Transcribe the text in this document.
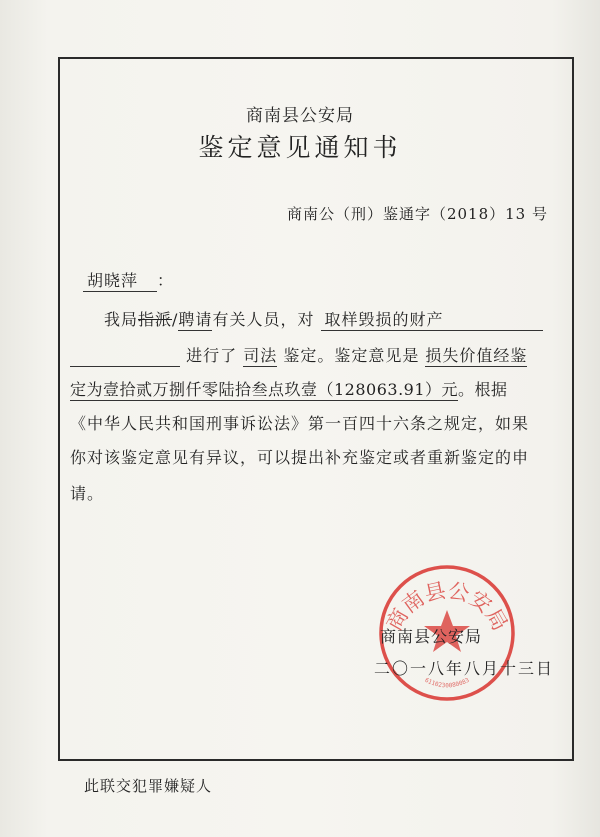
商南县公安局
鉴定意见通知书
商南公（刑）鉴通字（2018）13 号
胡晓萍 ：
我局指派/聘请有关人员，对 取样毁损的财产
进行了 司法 鉴定。鉴定意见是 损失价值经鉴
定为壹拾贰万捌仟零陆拾叁点玖壹（128063.91）元。根据
《中华人民共和国刑事诉讼法》第一百四十六条之规定，如果
你对该鉴定意见有异议，可以提出补充鉴定或者重新鉴定的申
请。
商南县公安局
6110230080083
商南县公安局
二〇一八年八月十三日
此联交犯罪嫌疑人
